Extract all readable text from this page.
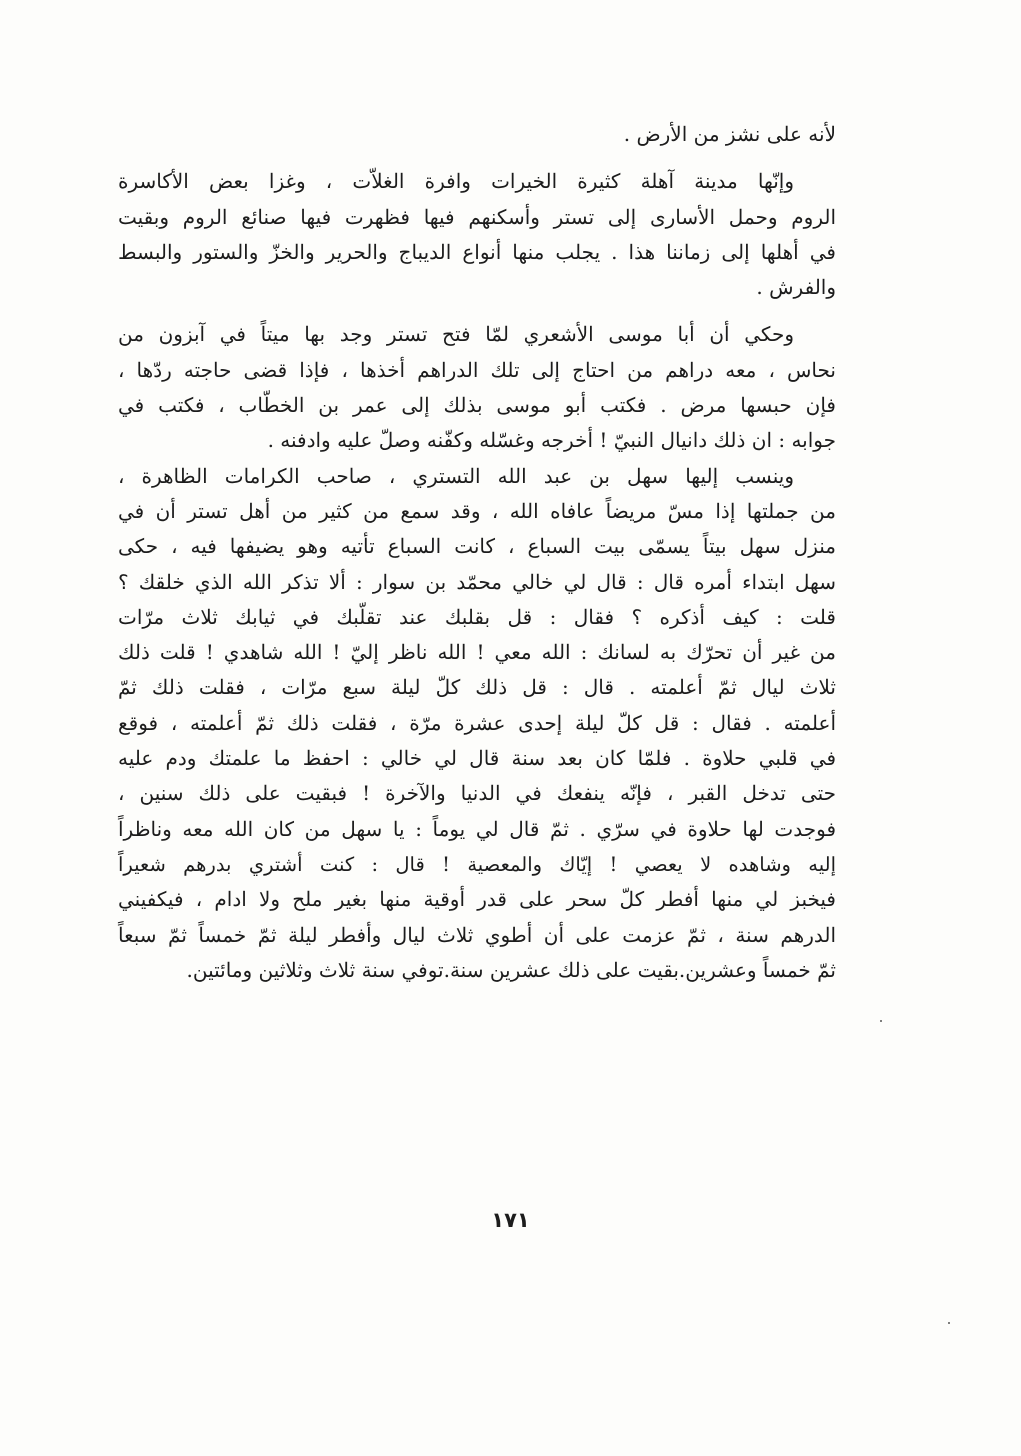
لأنه على نشز من الأرض .
وإنّها مدينة آهلة كثيرة الخيرات وافرة الغلاّت ، وغزا بعض الأكاسرة
الروم وحمل الأسارى إلى تستر وأسكنهم فيها فظهرت فيها صنائع الروم وبقيت
في أهلها إلى زماننا هذا . يجلب منها أنواع الديباج والحرير والخزّ والستور والبسط
والفرش .
وحكي أن أبا موسى الأشعري لمّا فتح تستر وجد بها ميتاً في آبزون من
نحاس ، معه دراهم من احتاج إلى تلك الدراهم أخذها ، فإذا قضى حاجته ردّها ،
فإن حبسها مرض . فكتب أبو موسى بذلك إلى عمر بن الخطّاب ، فكتب في
جوابه : ان ذلك دانيال النبيّ ! أخرجه وغسّله وكفّنه وصلّ عليه وادفنه .
وينسب إليها سهل بن عبد الله التستري ، صاحب الكرامات الظاهرة ،
من جملتها إذا مسّ مريضاً عافاه الله ، وقد سمع من كثير من أهل تستر أن في
منزل سهل بيتاً يسمّى بيت السباع ، كانت السباع تأتيه وهو يضيفها فيه ، حكى
سهل ابتداء أمره قال : قال لي خالي محمّد بن سوار : ألا تذكر الله الذي خلقك ؟
قلت : كيف أذكره ؟ فقال : قل بقلبك عند تقلّبك في ثيابك ثلاث مرّات
من غير أن تحرّك به لسانك : الله معي ! الله ناظر إليّ ! الله شاهدي ! قلت ذلك
ثلاث ليال ثمّ أعلمته . قال : قل ذلك كلّ ليلة سبع مرّات ، فقلت ذلك ثمّ
أعلمته . فقال : قل كلّ ليلة إحدى عشرة مرّة ، فقلت ذلك ثمّ أعلمته ، فوقع
في قلبي حلاوة . فلمّا كان بعد سنة قال لي خالي : احفظ ما علمتك ودم عليه
حتى تدخل القبر ، فإنّه ينفعك في الدنيا والآخرة ! فبقيت على ذلك سنين ،
فوجدت لها حلاوة في سرّي . ثمّ قال لي يوماً : يا سهل من كان الله معه وناظراً
إليه وشاهده لا يعصي ! إيّاك والمعصية ! قال : كنت أشتري بدرهم شعيراً
فيخبز لي منها أفطر كلّ سحر على قدر أوقية منها بغير ملح ولا ادام ، فيكفيني
الدرهم سنة ، ثمّ عزمت على أن أطوي ثلاث ليال وأفطر ليلة ثمّ خمساً ثمّ سبعاً
ثمّ خمساً وعشرين.بقيت على ذلك عشرين سنة.توفي سنة ثلاث وثلاثين ومائتين.
١٧١
